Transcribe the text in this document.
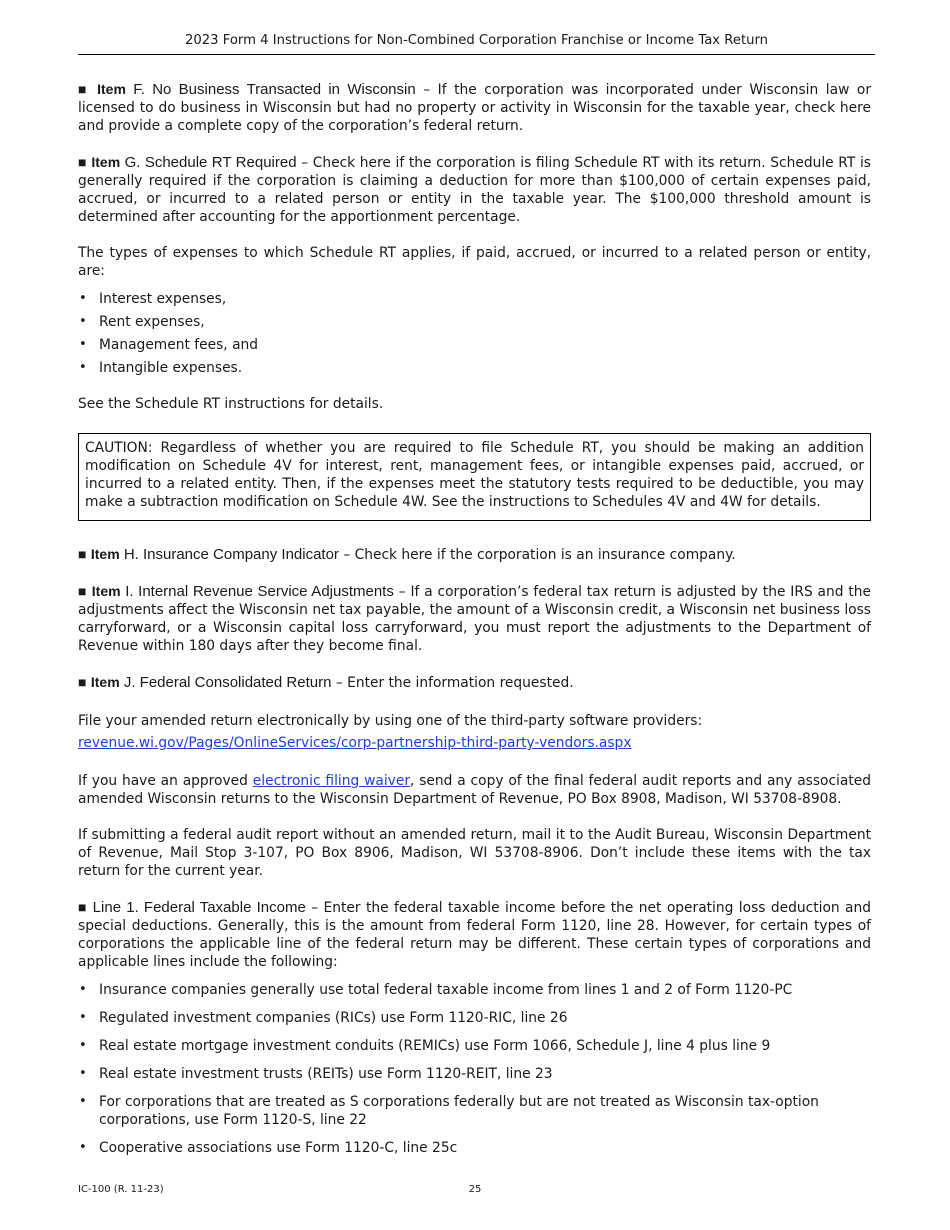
2023 Form 4 Instructions for Non-Combined Corporation Franchise or Income Tax Return

■ Item F. No Business Transacted in Wisconsin – If the corporation was incorporated under Wisconsin law or licensed to do business in Wisconsin but had no property or activity in Wisconsin for the taxable year, check here and provide a complete copy of the corporation’s federal return.

■ Item G. Schedule RT Required – Check here if the corporation is filing Schedule RT with its return. Schedule RT is generally required if the corporation is claiming a deduction for more than $100,000 of certain expenses paid, accrued, or incurred to a related person or entity in the taxable year. The $100,000 threshold amount is determined after accounting for the apportionment percentage.

The types of expenses to which Schedule RT applies, if paid, accrued, or incurred to a related person or entity, are:

• Interest expenses,
• Rent expenses,
• Management fees, and
• Intangible expenses.

See the Schedule RT instructions for details.

CAUTION: Regardless of whether you are required to file Schedule RT, you should be making an addition modification on Schedule 4V for interest, rent, management fees, or intangible expenses paid, accrued, or incurred to a related entity. Then, if the expenses meet the statutory tests required to be deductible, you may make a subtraction modification on Schedule 4W. See the instructions to Schedules 4V and 4W for details.

■ Item H. Insurance Company Indicator – Check here if the corporation is an insurance company.

■ Item I. Internal Revenue Service Adjustments – If a corporation’s federal tax return is adjusted by the IRS and the adjustments affect the Wisconsin net tax payable, the amount of a Wisconsin credit, a Wisconsin net business loss carryforward, or a Wisconsin capital loss carryforward, you must report the adjustments to the Department of Revenue within 180 days after they become final.

■ Item J. Federal Consolidated Return – Enter the information requested.

File your amended return electronically by using one of the third-party software providers:

revenue.wi.gov/Pages/OnlineServices/corp-partnership-third-party-vendors.aspx

If you have an approved electronic filing waiver, send a copy of the final federal audit reports and any associated amended Wisconsin returns to the Wisconsin Department of Revenue, PO Box 8908, Madison, WI 53708-8908.

If submitting a federal audit report without an amended return, mail it to the Audit Bureau, Wisconsin Department of Revenue, Mail Stop 3-107, PO Box 8906, Madison, WI 53708-8906. Don’t include these items with the tax return for the current year.

■ Line 1. Federal Taxable Income – Enter the federal taxable income before the net operating loss deduction and special deductions. Generally, this is the amount from federal Form 1120, line 28. However, for certain types of corporations the applicable line of the federal return may be different. These certain types of corporations and applicable lines include the following:

• Insurance companies generally use total federal taxable income from lines 1 and 2 of Form 1120-PC
• Regulated investment companies (RICs) use Form 1120-RIC, line 26
• Real estate mortgage investment conduits (REMICs) use Form 1066, Schedule J, line 4 plus line 9
• Real estate investment trusts (REITs) use Form 1120-REIT, line 23
• For corporations that are treated as S corporations federally but are not treated as Wisconsin tax-option corporations, use Form 1120-S, line 22
• Cooperative associations use Form 1120-C, line 25c
IC-100 (R. 11-23)	25
